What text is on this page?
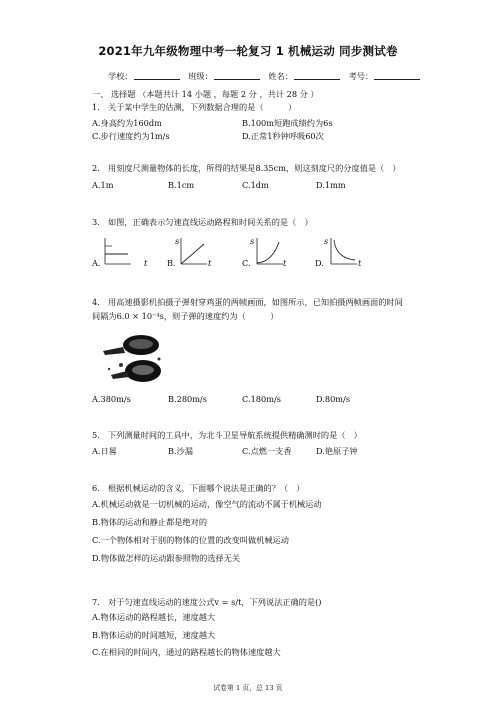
2021年九年级物理中考一轮复习 1 机械运动 同步测试卷
学校：	班级：	姓名：	考号：
一、 选择题 （本题共计 14 小题 ，每题 2 分 ，共计 28 分 ）
1.　关于某中学生的估测，下列数据合理的是（　　　）
A.身高约为160dm	B.100m短跑成绩约为6s
C.步行速度约为1m/s	D.正常1秒钟呼吸60次
2.　用刻度尺测量物体的长度，所得的结果是8.35cm，则这刻度尺的分度值是（　）
A.1m	B.1cm	C.1dm	D.1mm
3.　如图，正确表示匀速直线运动路程和时间关系的是（　）
A.	t B.
s
t	C.
s
t	D.
s
t
4.　用高速摄影机拍摄子弹射穿鸡蛋的两帧画面，如图所示，已知拍摄两帧画面的时间
间隔为6.0 × 10⁻⁴s，则子弹的速度约为（　　　）
A.380m/s	B.280m/s	C.180m/s	D.80m/s
5.　下列测量时间的工具中，为北斗卫星导航系统提供精确测时的是（　）
A.日晷	B.沙漏	C.点燃一支香	D.铯原子钟
6.　根据机械运动的含义，下面哪个说法是正确的？（　）
A.机械运动就是一切机械的运动，像空气的流动不属于机械运动
B.物体的运动和静止都是绝对的
C.一个物体相对于别的物体的位置的改变叫做机械运动
D.物体做怎样的运动跟参照物的选择无关
7.　对于匀速直线运动的速度公式v = s/t，下列说法正确的是()
A.物体运动的路程越长，速度越大
B.物体运动的时间越短，速度越大
C.在相同的时间内，通过的路程越长的物体速度越大
试卷第 1 页，总 13 页
